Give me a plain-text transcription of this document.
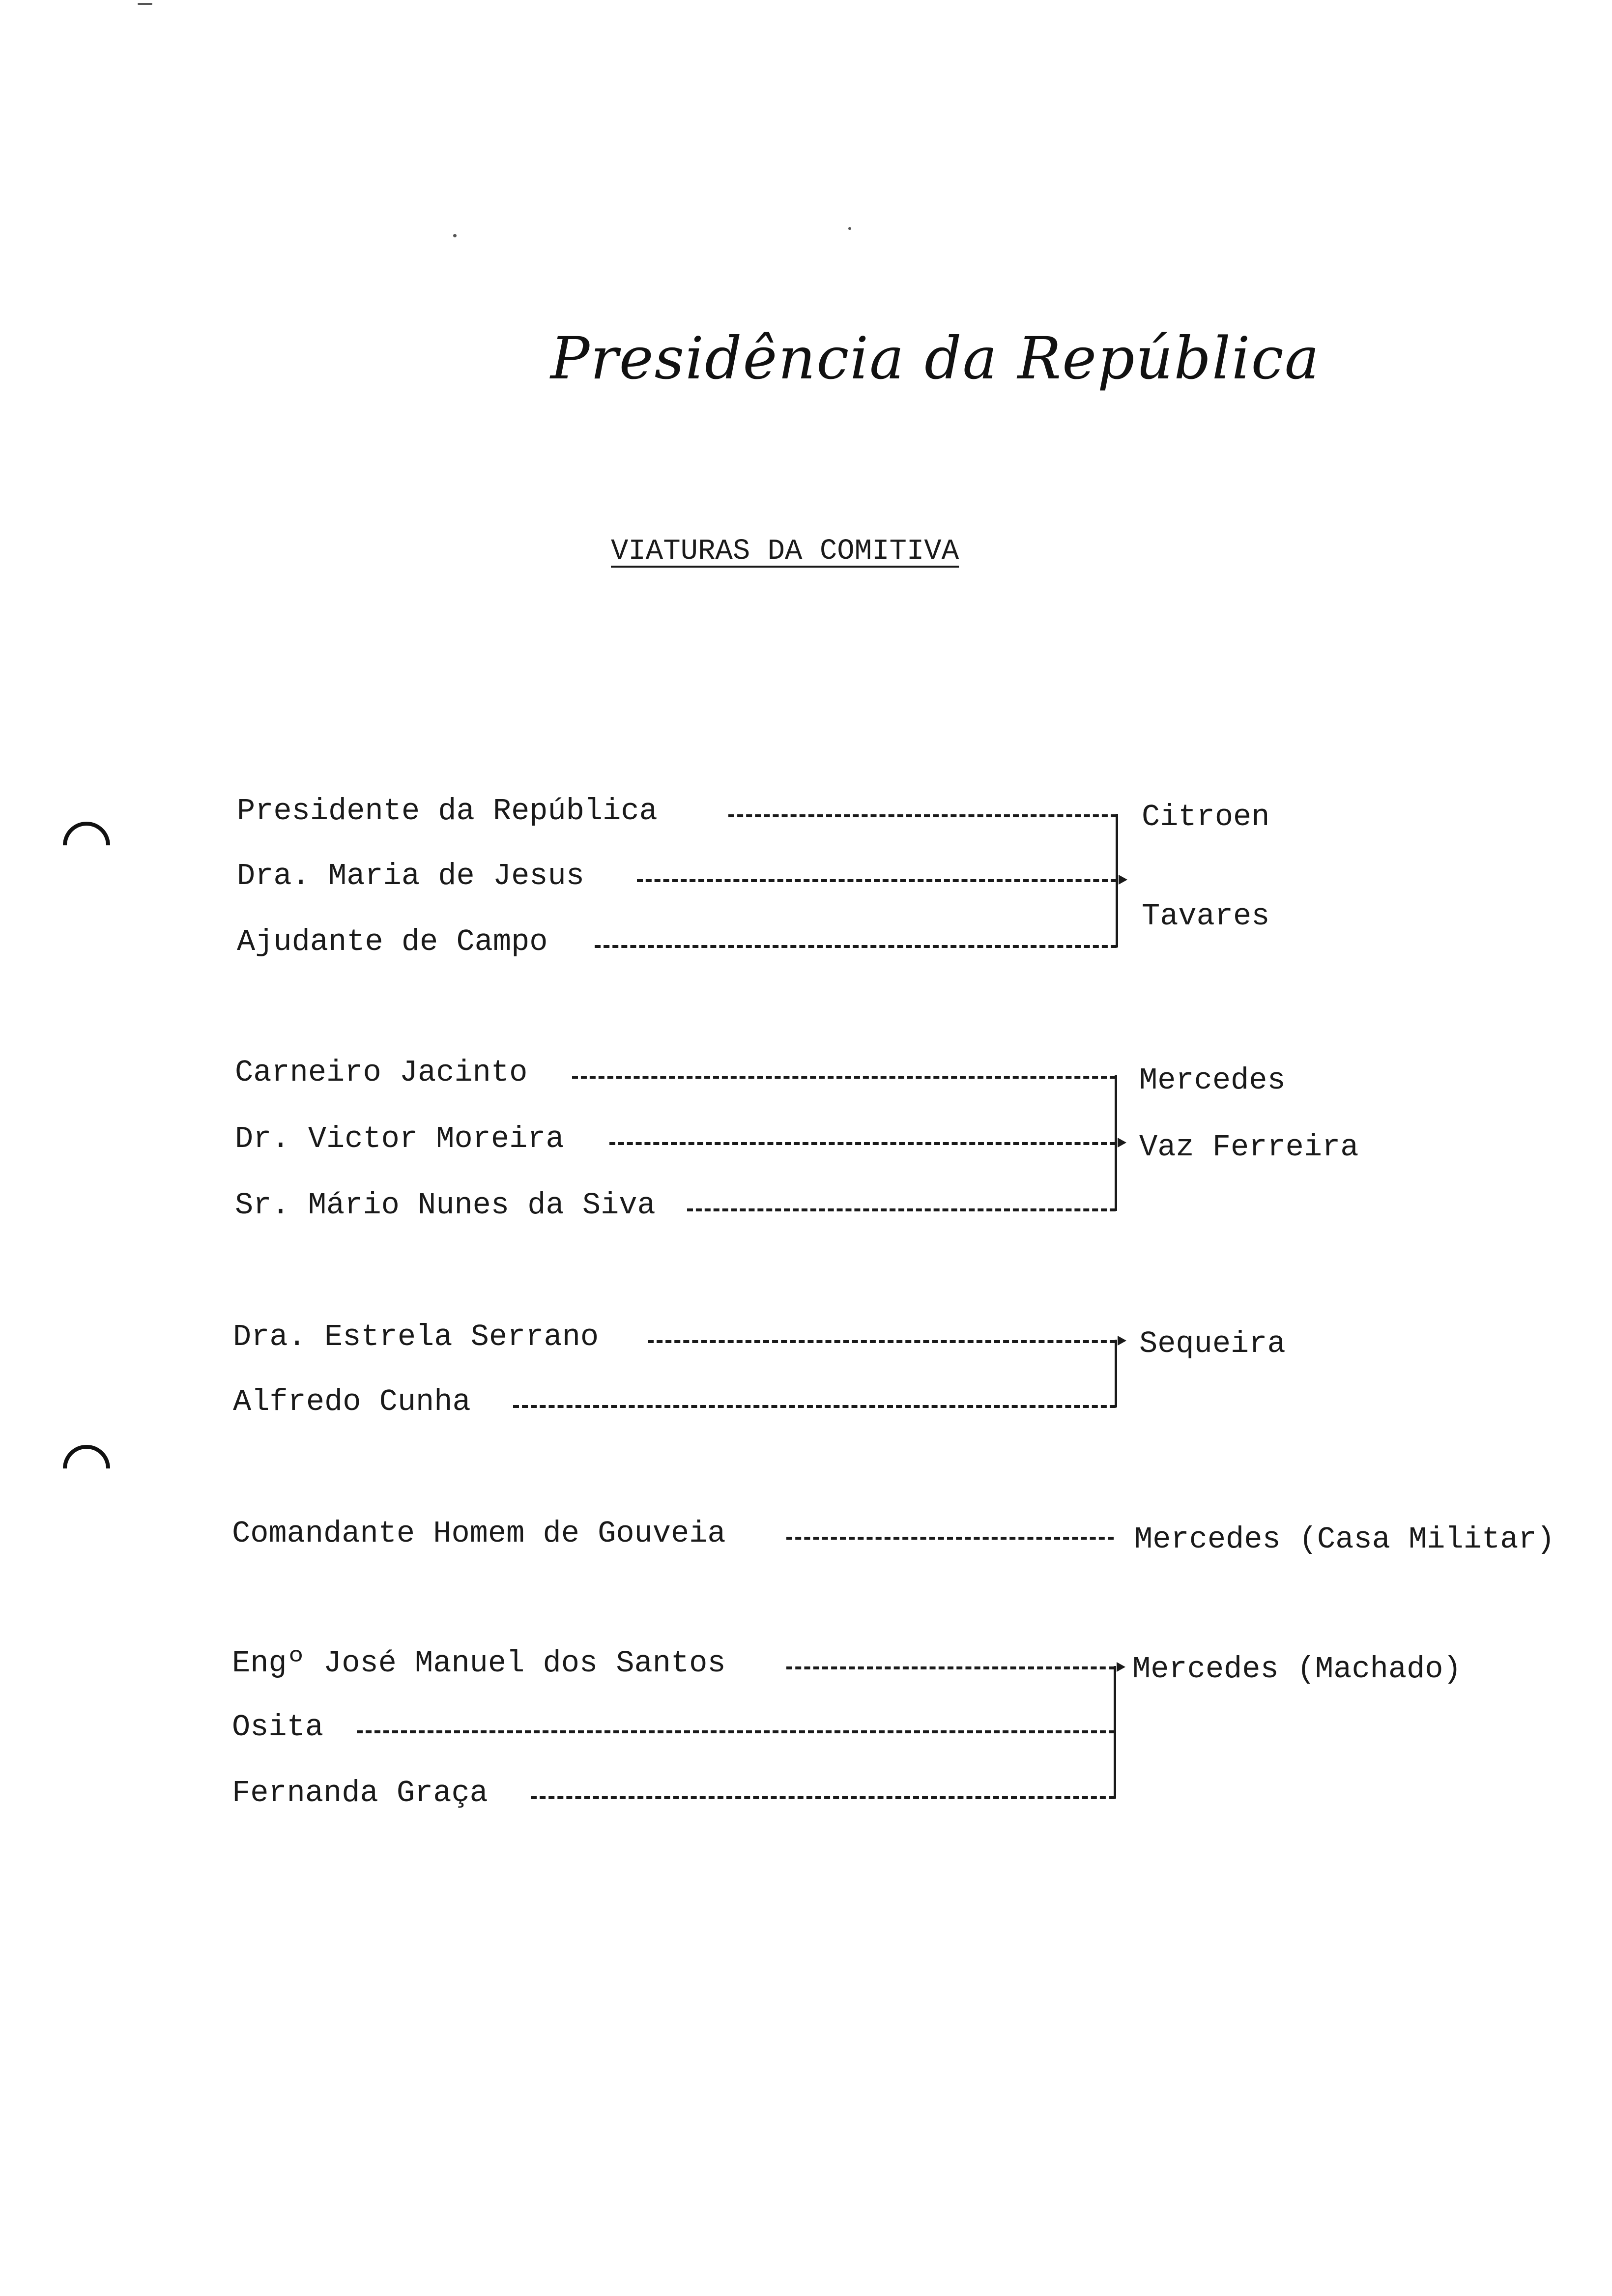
Presidência da República
VIATURAS DA COMITIVA
Presidente da República
Dra. Maria de Jesus
Ajudante de Campo
Citroen
Tavares
Carneiro Jacinto
Dr. Victor Moreira
Sr. Mário Nunes da Siva
Mercedes
Vaz Ferreira
Dra. Estrela Serrano
Alfredo Cunha
Sequeira
Comandante Homem de Gouveia	Mercedes (Casa Militar)
Engº José Manuel dos Santos
Osita
Fernanda Graça
Mercedes (Machado)
